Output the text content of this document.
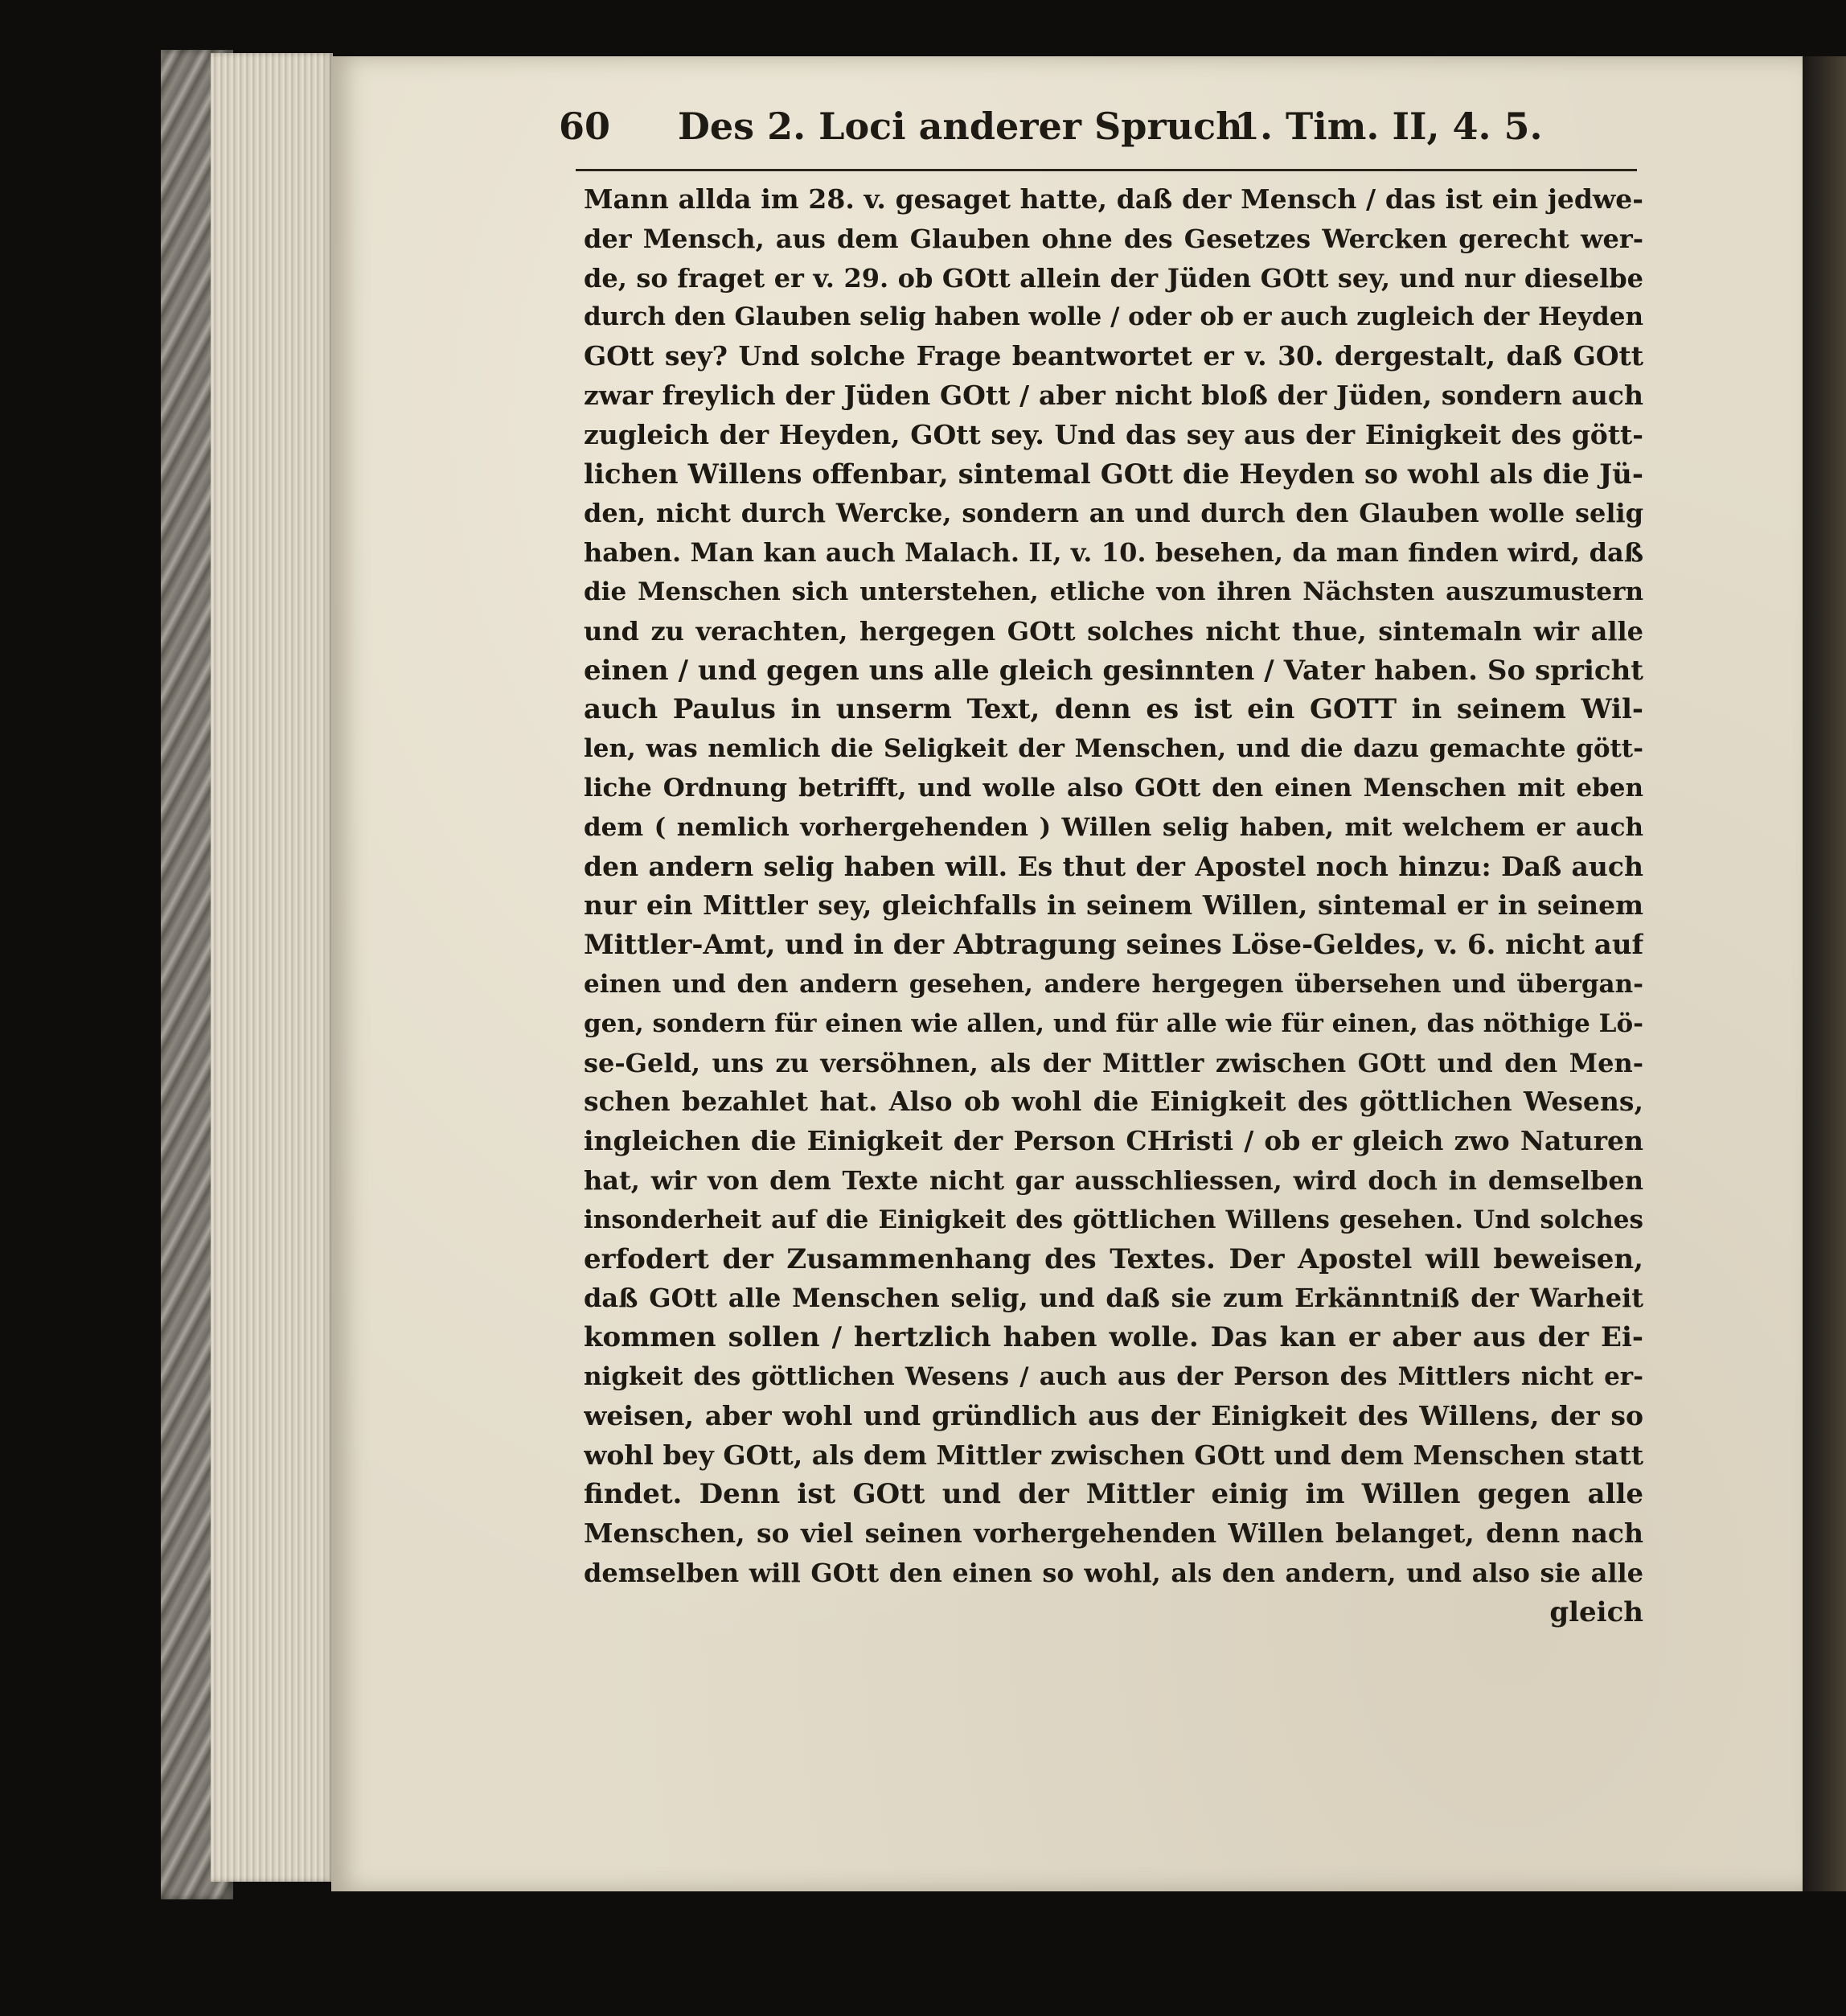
60 Des 2. Loci anderer Spruch
1. Tim. II, 4. 5.
Mann allda im 28. v. gesaget hatte, daß der Mensch / das ist ein jedwe-
der Mensch, aus dem Glauben ohne des Gesetzes Wercken gerecht wer-
de, so fraget er v. 29. ob GOtt allein der Jüden GOtt sey, und nur dieselbe
durch den Glauben selig haben wolle / oder ob er auch zugleich der Heyden
GOtt sey? Und solche Frage beantwortet er v. 30. dergestalt, daß GOtt
zwar freylich der Jüden GOtt / aber nicht bloß der Jüden, sondern auch
zugleich der Heyden, GOtt sey. Und das sey aus der Einigkeit des gött-
lichen Willens offenbar, sintemal GOtt die Heyden so wohl als die Jü-
den, nicht durch Wercke, sondern an und durch den Glauben wolle selig
haben. Man kan auch Malach. II, v. 10. besehen, da man finden wird, daß
die Menschen sich unterstehen, etliche von ihren Nächsten auszumustern
und zu verachten, hergegen GOtt solches nicht thue, sintemaln wir alle
einen / und gegen uns alle gleich gesinnten / Vater haben. So spricht
auch Paulus in unserm Text, denn es ist ein GOTT in seinem Wil-
len, was nemlich die Seligkeit der Menschen, und die dazu gemachte gött-
liche Ordnung betrifft, und wolle also GOtt den einen Menschen mit eben
dem ( nemlich vorhergehenden ) Willen selig haben, mit welchem er auch
den andern selig haben will. Es thut der Apostel noch hinzu: Daß auch
nur ein Mittler sey, gleichfalls in seinem Willen, sintemal er in seinem
Mittler-Amt, und in der Abtragung seines Löse-Geldes, v. 6. nicht auf
einen und den andern gesehen, andere hergegen übersehen und übergan-
gen, sondern für einen wie allen, und für alle wie für einen, das nöthige Lö-
se-Geld, uns zu versöhnen, als der Mittler zwischen GOtt und den Men-
schen bezahlet hat. Also ob wohl die Einigkeit des göttlichen Wesens,
ingleichen die Einigkeit der Person CHristi / ob er gleich zwo Naturen
hat, wir von dem Texte nicht gar ausschliessen, wird doch in demselben
insonderheit auf die Einigkeit des göttlichen Willens gesehen. Und solches
erfodert der Zusammenhang des Textes. Der Apostel will beweisen,
daß GOtt alle Menschen selig, und daß sie zum Erkänntniß der Warheit
kommen sollen / hertzlich haben wolle. Das kan er aber aus der Ei-
nigkeit des göttlichen Wesens / auch aus der Person des Mittlers nicht er-
weisen, aber wohl und gründlich aus der Einigkeit des Willens, der so
wohl bey GOtt, als dem Mittler zwischen GOtt und dem Menschen statt
findet. Denn ist GOtt und der Mittler einig im Willen gegen alle
Menschen, so viel seinen vorhergehenden Willen belanget, denn nach
demselben will GOtt den einen so wohl, als den andern, und also sie alle
gleich
